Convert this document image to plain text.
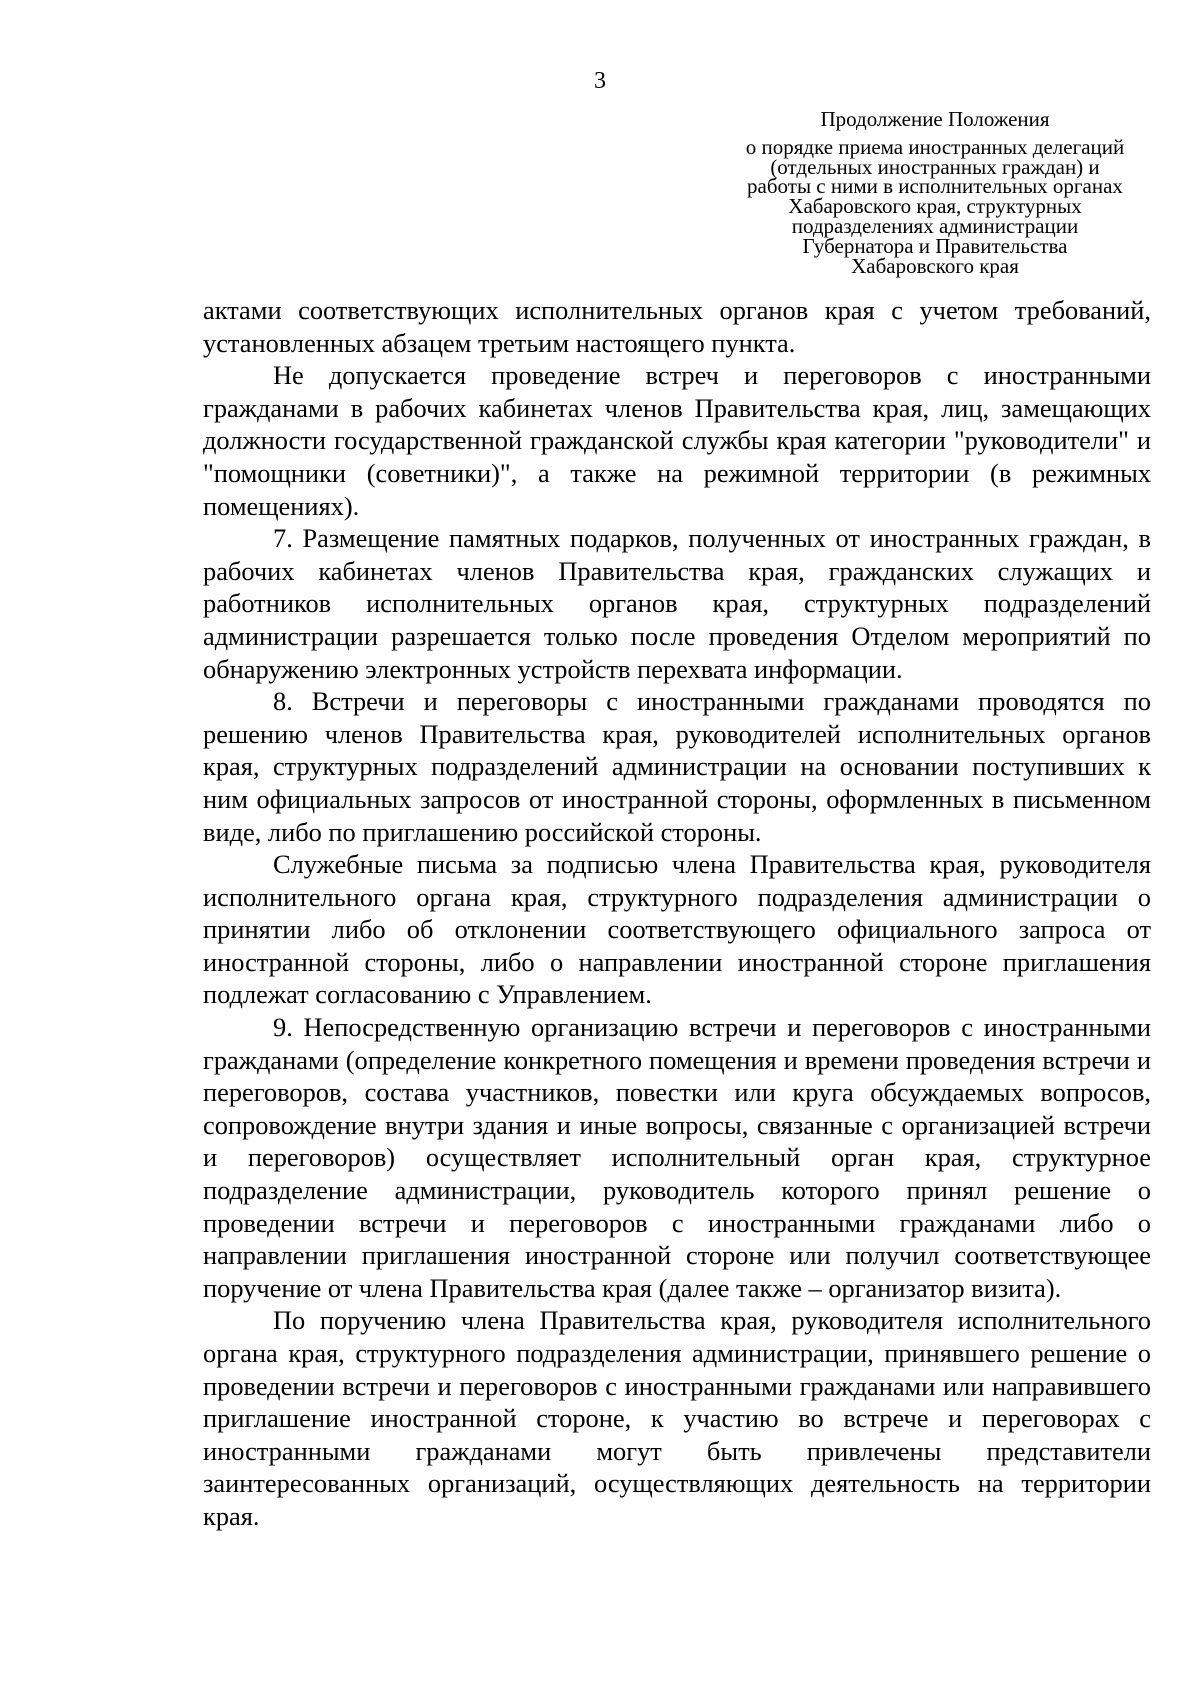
3
Продолжение Положения
о порядке приема иностранных делегаций
(отдельных иностранных граждан) и
работы с ними в исполнительных органах
Хабаровского края, структурных
подразделениях администрации
Губернатора и Правительства
Хабаровского края

актами соответствующих исполнительных органов края с учетом требований, установленных абзацем третьим настоящего пункта.

Не допускается проведение встреч и переговоров с иностранными гражданами в рабочих кабинетах членов Правительства края, лиц, замещающих должности государственной гражданской службы края категории "руководители" и "помощники (советники)", а также на режимной территории (в режимных помещениях).

7. Размещение памятных подарков, полученных от иностранных граждан, в рабочих кабинетах членов Правительства края, гражданских служащих и работников исполнительных органов края, структурных подразделений администрации разрешается только после проведения Отделом мероприятий по обнаружению электронных устройств перехвата информации.

8. Встречи и переговоры с иностранными гражданами проводятся по решению членов Правительства края, руководителей исполнительных органов края, структурных подразделений администрации на основании поступивших к ним официальных запросов от иностранной стороны, оформленных в письменном виде, либо по приглашению российской стороны.

Служебные письма за подписью члена Правительства края, руководителя исполнительного органа края, структурного подразделения администрации о принятии либо об отклонении соответствующего официального запроса от иностранной стороны, либо о направлении иностранной стороне приглашения подлежат согласованию с Управлением.

9. Непосредственную организацию встречи и переговоров с иностранными гражданами (определение конкретного помещения и времени проведения встречи и переговоров, состава участников, повестки или круга обсуждаемых вопросов, сопровождение внутри здания и иные вопросы, связанные с организацией встречи и переговоров) осуществляет исполнительный орган края, структурное подразделение администрации, руководитель которого принял решение о проведении встречи и переговоров с иностранными гражданами либо о направлении приглашения иностранной стороне или получил соответствующее поручение от члена Правительства края (далее также – организатор визита).

По поручению члена Правительства края, руководителя исполнительного органа края, структурного подразделения администрации, принявшего решение о проведении встречи и переговоров с иностранными гражданами или направившего приглашение иностранной стороне, к участию во встрече и переговорах с иностранными гражданами могут быть привлечены представители заинтересованных организаций, осуществляющих деятельность на территории края.
